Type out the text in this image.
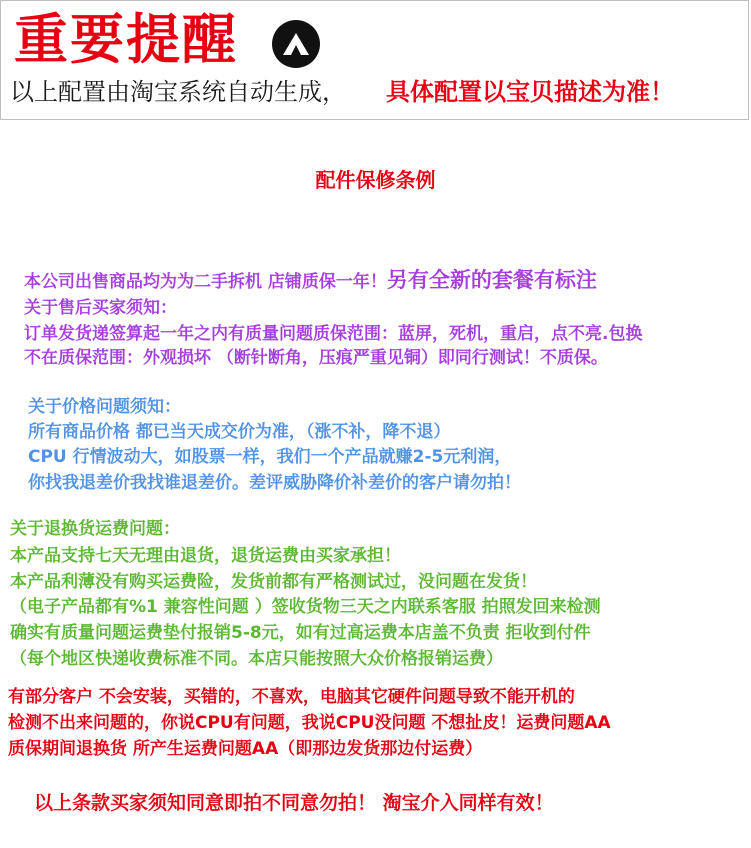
重要提醒
以上配置由淘宝系统自动生成， 具体配置以宝贝描述为准！
配件保修条例
本公司出售商品均为为二手拆机 店铺质保一年！另有全新的套餐有标注
关于售后买家须知：
订单发货递签算起一年之内有质量问题质保范围：蓝屏，死机，重启，点不亮.包换
不在质保范围：外观损坏 （断针断角，压痕严重见铜）即同行测试！不质保。
关于价格问题须知：
所有商品价格 都已当天成交价为准，（涨不补，降不退）
CPU 行情波动大，如股票一样，我们一个产品就赚2-5元利润，
你找我退差价我找谁退差价。差评威胁降价补差价的客户请勿拍！
关于退换货运费问题：
本产品支持七天无理由退货，退货运费由买家承担！
本产品利薄没有购买运费险，发货前都有严格测试过，没问题在发货！
（电子产品都有%1 兼容性问题 ）签收货物三天之内联系客服 拍照发回来检测
确实有质量问题运费垫付报销5-8元，如有过高运费本店盖不负责 拒收到付件
（每个地区快递收费标准不同。本店只能按照大众价格报销运费）
有部分客户 不会安装，买错的，不喜欢，电脑其它硬件问题导致不能开机的
检测不出来问题的，你说CPU有问题，我说CPU没问题 不想扯皮！运费问题AA
质保期间退换货 所产生运费问题AA（即那边发货那边付运费）
以上条款买家须知同意即拍不同意勿拍！ 淘宝介入同样有效！
